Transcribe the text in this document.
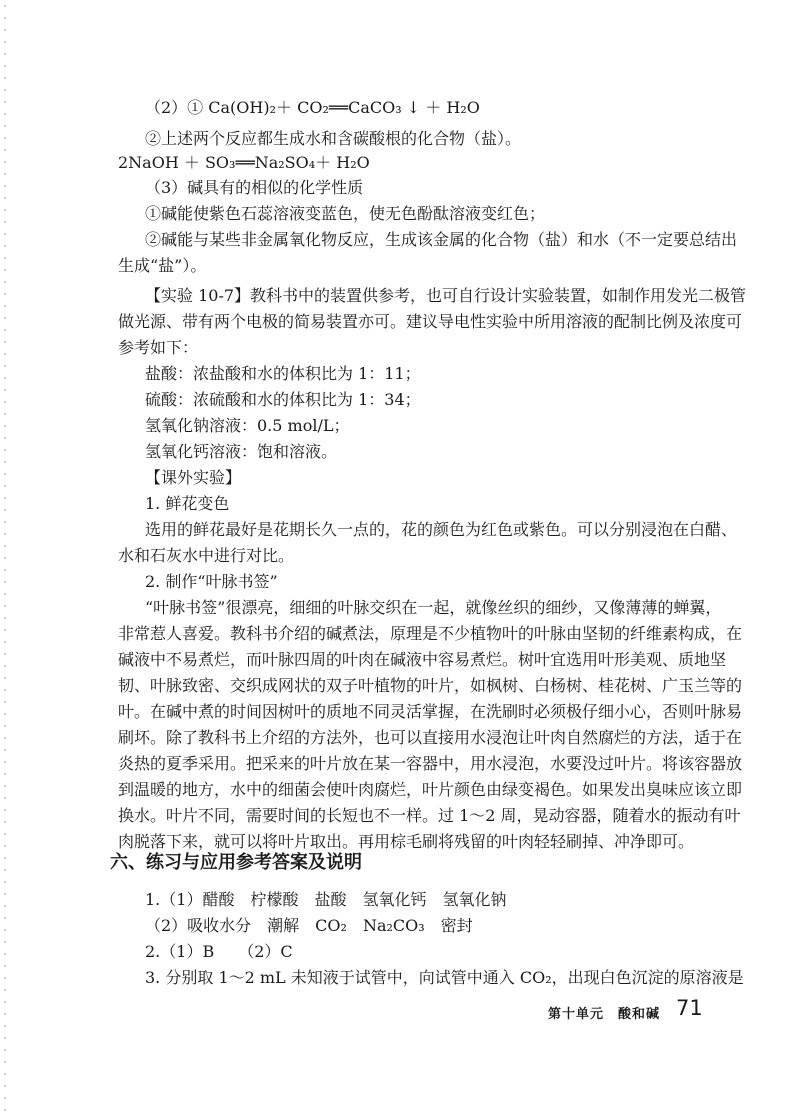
（2）① Ca(OH)₂＋ CO₂══CaCO₃ ↓ ＋ H₂O
②上述两个反应都生成水和含碳酸根的化合物（盐）。
2NaOH ＋ SO₃══Na₂SO₄＋ H₂O
（3）碱具有的相似的化学性质
①碱能使紫色石蕊溶液变蓝色，使无色酚酞溶液变红色；
②碱能与某些非金属氧化物反应，生成该金属的化合物（盐）和水（不一定要总结出
生成“盐”）。
【实验 10-7】教科书中的装置供参考，也可自行设计实验装置，如制作用发光二极管
做光源、带有两个电极的简易装置亦可。建议导电性实验中所用溶液的配制比例及浓度可
参考如下：
盐酸：浓盐酸和水的体积比为 1：11；
硫酸：浓硫酸和水的体积比为 1：34；
氢氧化钠溶液：0.5 mol/L；
氢氧化钙溶液：饱和溶液。
【课外实验】
1. 鲜花变色
选用的鲜花最好是花期长久一点的，花的颜色为红色或紫色。可以分别浸泡在白醋、
水和石灰水中进行对比。
2. 制作“叶脉书签”
“叶脉书签”很漂亮，细细的叶脉交织在一起，就像丝织的细纱，又像薄薄的蝉翼，
非常惹人喜爱。教科书介绍的碱煮法，原理是不少植物叶的叶脉由坚韧的纤维素构成，在
碱液中不易煮烂，而叶脉四周的叶肉在碱液中容易煮烂。树叶宜选用叶形美观、质地坚
韧、叶脉致密、交织成网状的双子叶植物的叶片，如枫树、白杨树、桂花树、广玉兰等的
叶。在碱中煮的时间因树叶的质地不同灵活掌握，在洗刷时必须极仔细小心，否则叶脉易
刷坏。除了教科书上介绍的方法外，也可以直接用水浸泡让叶肉自然腐烂的方法，适于在
炎热的夏季采用。把采来的叶片放在某一容器中，用水浸泡，水要没过叶片。将该容器放
到温暖的地方，水中的细菌会使叶肉腐烂，叶片颜色由绿变褐色。如果发出臭味应该立即
换水。叶片不同，需要时间的长短也不一样。过 1～2 周，晃动容器，随着水的振动有叶
肉脱落下来，就可以将叶片取出。再用棕毛刷将残留的叶肉轻轻刷掉、冲净即可。
六、练习与应用参考答案及说明
1.（1）醋酸　柠檬酸　盐酸　氢氧化钙　氢氧化钠
（2）吸收水分　潮解　CO₂　Na₂CO₃　密封
2.（1）B　　（2）C
3. 分别取 1～2 mL 未知液于试管中，向试管中通入 CO₂，出现白色沉淀的原溶液是
第十单元　酸和碱 71
